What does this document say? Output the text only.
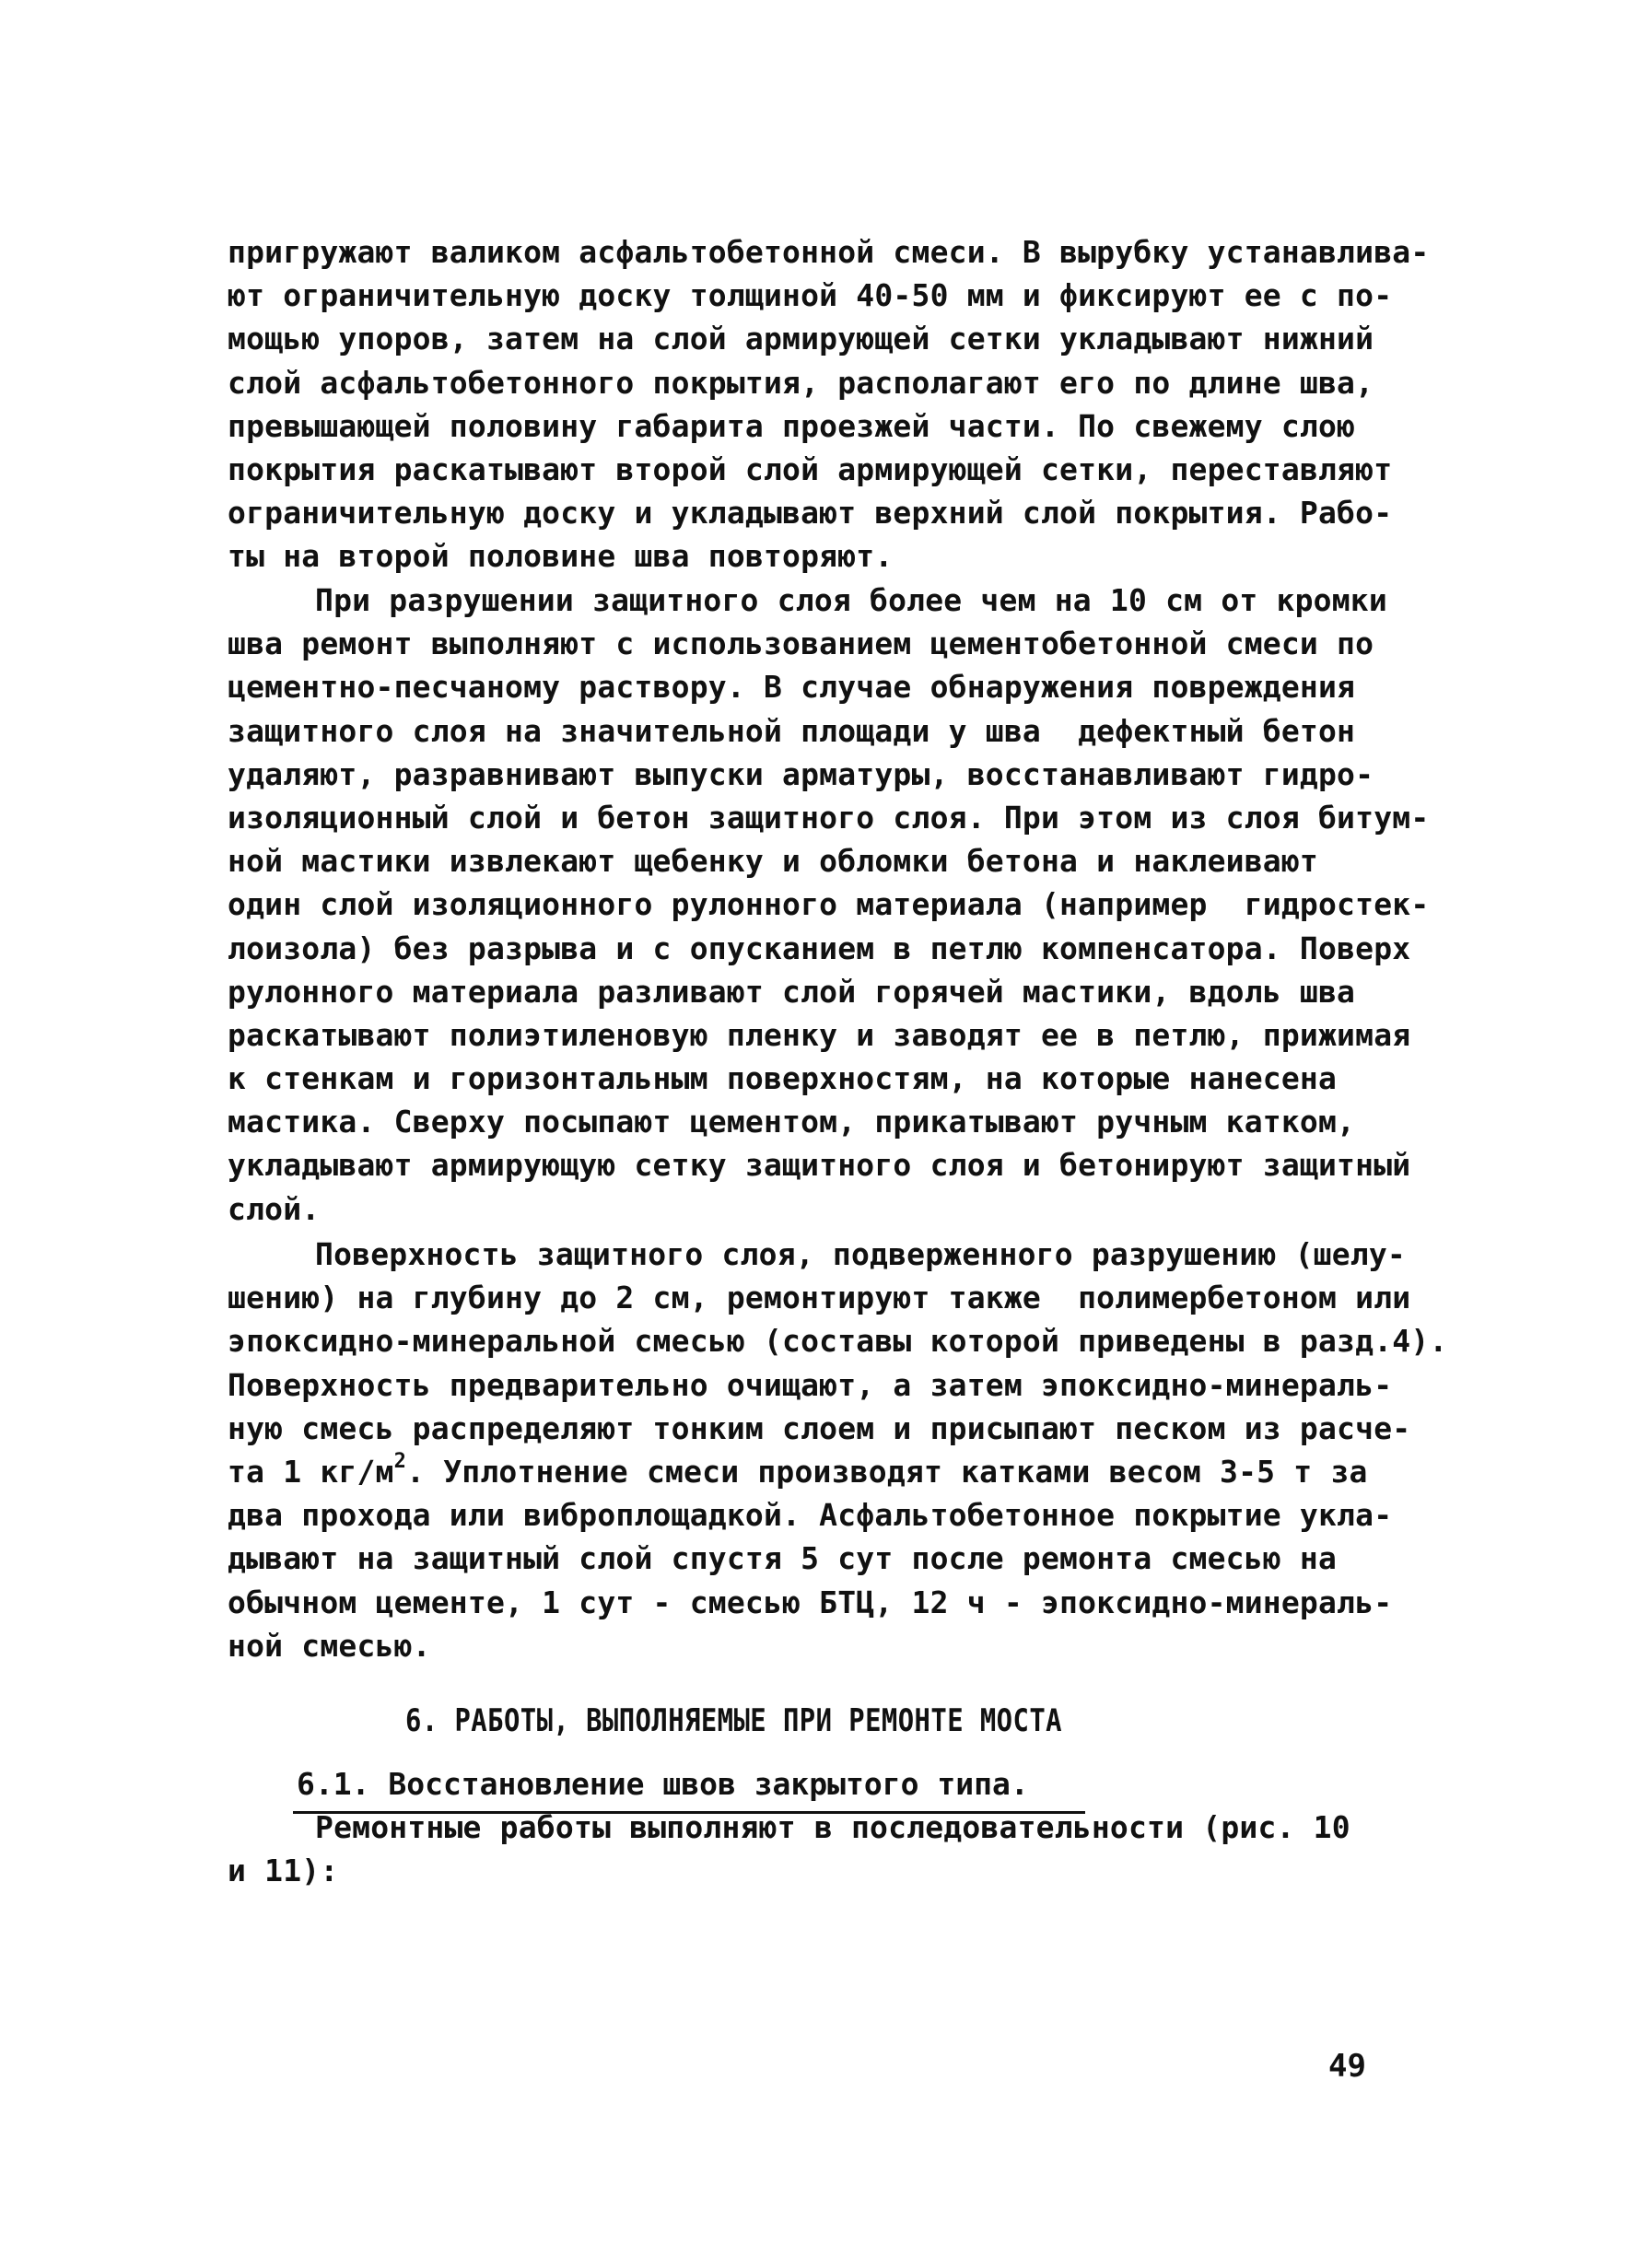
пригружают валиком асфальтобетонной смеси. В вырубку устанавлива-
ют ограничительную доску толщиной 40-50 мм и фиксируют ее с по-
мощью упоров, затем на слой армирующей сетки укладывают нижний
слой асфальтобетонного покрытия, располагают его по длине шва,
превышающей половину габарита проезжей части. По свежему слою
покрытия раскатывают второй слой армирующей сетки, переставляют
ограничительную доску и укладывают верхний слой покрытия. Рабо-
ты на второй половине шва повторяют.
При разрушении защитного слоя более чем на 10 см от кромки
шва ремонт выполняют с использованием цементобетонной смеси по
цементно-песчаному раствору. В случае обнаружения повреждения
защитного слоя на значительной площади у шва  дефектный бетон
удаляют, разравнивают выпуски арматуры, восстанавливают гидро-
изоляционный слой и бетон защитного слоя. При этом из слоя битум-
ной мастики извлекают щебенку и обломки бетона и наклеивают
один слой изоляционного рулонного материала (например  гидростек-
лоизола) без разрыва и с опусканием в петлю компенсатора. Поверх
рулонного материала разливают слой горячей мастики, вдоль шва
раскатывают полиэтиленовую пленку и заводят ее в петлю, прижимая
к стенкам и горизонтальным поверхностям, на которые нанесена
мастика. Сверху посыпают цементом, прикатывают ручным катком,
укладывают армирующую сетку защитного слоя и бетонируют защитный
слой.
Поверхность защитного слоя, подверженного разрушению (шелу-
шению) на глубину до 2 см, ремонтируют также  полимербетоном или
эпоксидно-минеральной смесью (составы которой приведены в разд.4).
Поверхность предварительно очищают, а затем эпоксидно-минераль-
ную смесь распределяют тонким слоем и присыпают песком из расче-
та 1 $кг/м^2$. Уплотнение смеси производят катками весом 3-5 т за
два прохода или виброплощадкой. Асфальтобетонное покрытие укла-
дывают на защитный слой спустя 5 сут после ремонта смесью на
обычном цементе, 1 сут - смесью БТЦ, 12 ч - эпоксидно-минераль-
ной смесью.
6. РАБОТЫ, ВЫПОЛНЯЕМЫЕ ПРИ РЕМОНТЕ МОСТА
6.1. Восстановление швов закрытого типа.
Ремонтные работы выполняют в последовательности (рис. 10
и 11):
49
